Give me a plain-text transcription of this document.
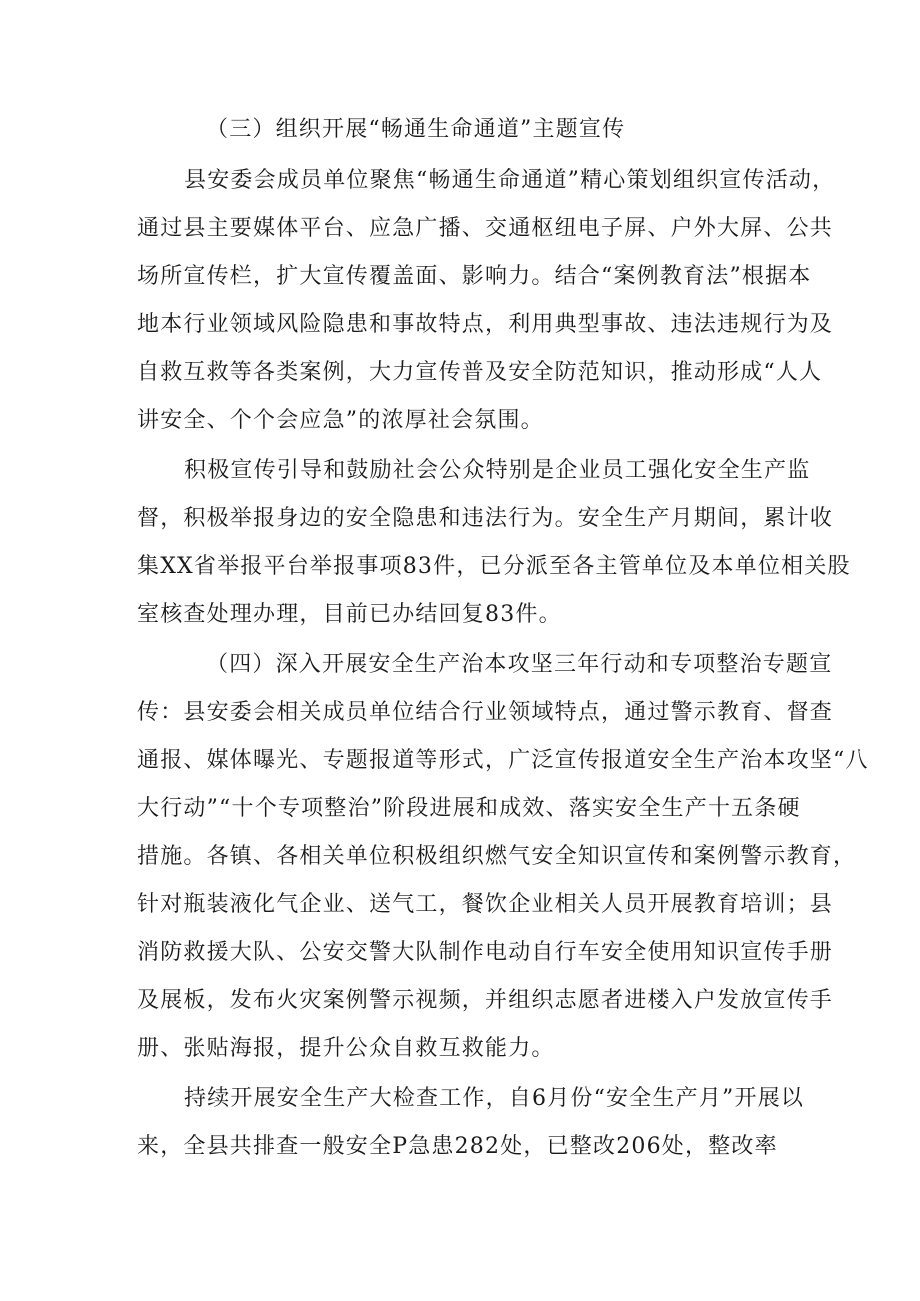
（三）组织开展“畅通生命通道”主题宣传
县安委会成员单位聚焦“畅通生命通道”精心策划组织宣传活动，
通过县主要媒体平台、应急广播、交通枢纽电子屏、户外大屏、公共
场所宣传栏，扩大宣传覆盖面、影响力。结合“案例教育法”根据本
地本行业领域风险隐患和事故特点，利用典型事故、违法违规行为及
自救互救等各类案例，大力宣传普及安全防范知识，推动形成“人人
讲安全、个个会应急”的浓厚社会氛围。
积极宣传引导和鼓励社会公众特别是企业员工强化安全生产监
督，积极举报身边的安全隐患和违法行为。安全生产月期间，累计收
集XX省举报平台举报事项83件，已分派至各主管单位及本单位相关股
室核查处理办理，目前已办结回复83件。
（四）深入开展安全生产治本攻坚三年行动和专项整治专题宣
传：县安委会相关成员单位结合行业领域特点，通过警示教育、督查
通报、媒体曝光、专题报道等形式，广泛宣传报道安全生产治本攻坚“八
大行动”“十个专项整治”阶段进展和成效、落实安全生产十五条硬
措施。各镇、各相关单位积极组织燃气安全知识宣传和案例警示教育，
针对瓶装液化气企业、送气工，餐饮企业相关人员开展教育培训；县
消防救援大队、公安交警大队制作电动自行车安全使用知识宣传手册
及展板，发布火灾案例警示视频，并组织志愿者进楼入户发放宣传手
册、张贴海报，提升公众自救互救能力。
持续开展安全生产大检查工作，自6月份“安全生产月”开展以
来，全县共排查一般安全P急患282处，已整改206处，整改率
